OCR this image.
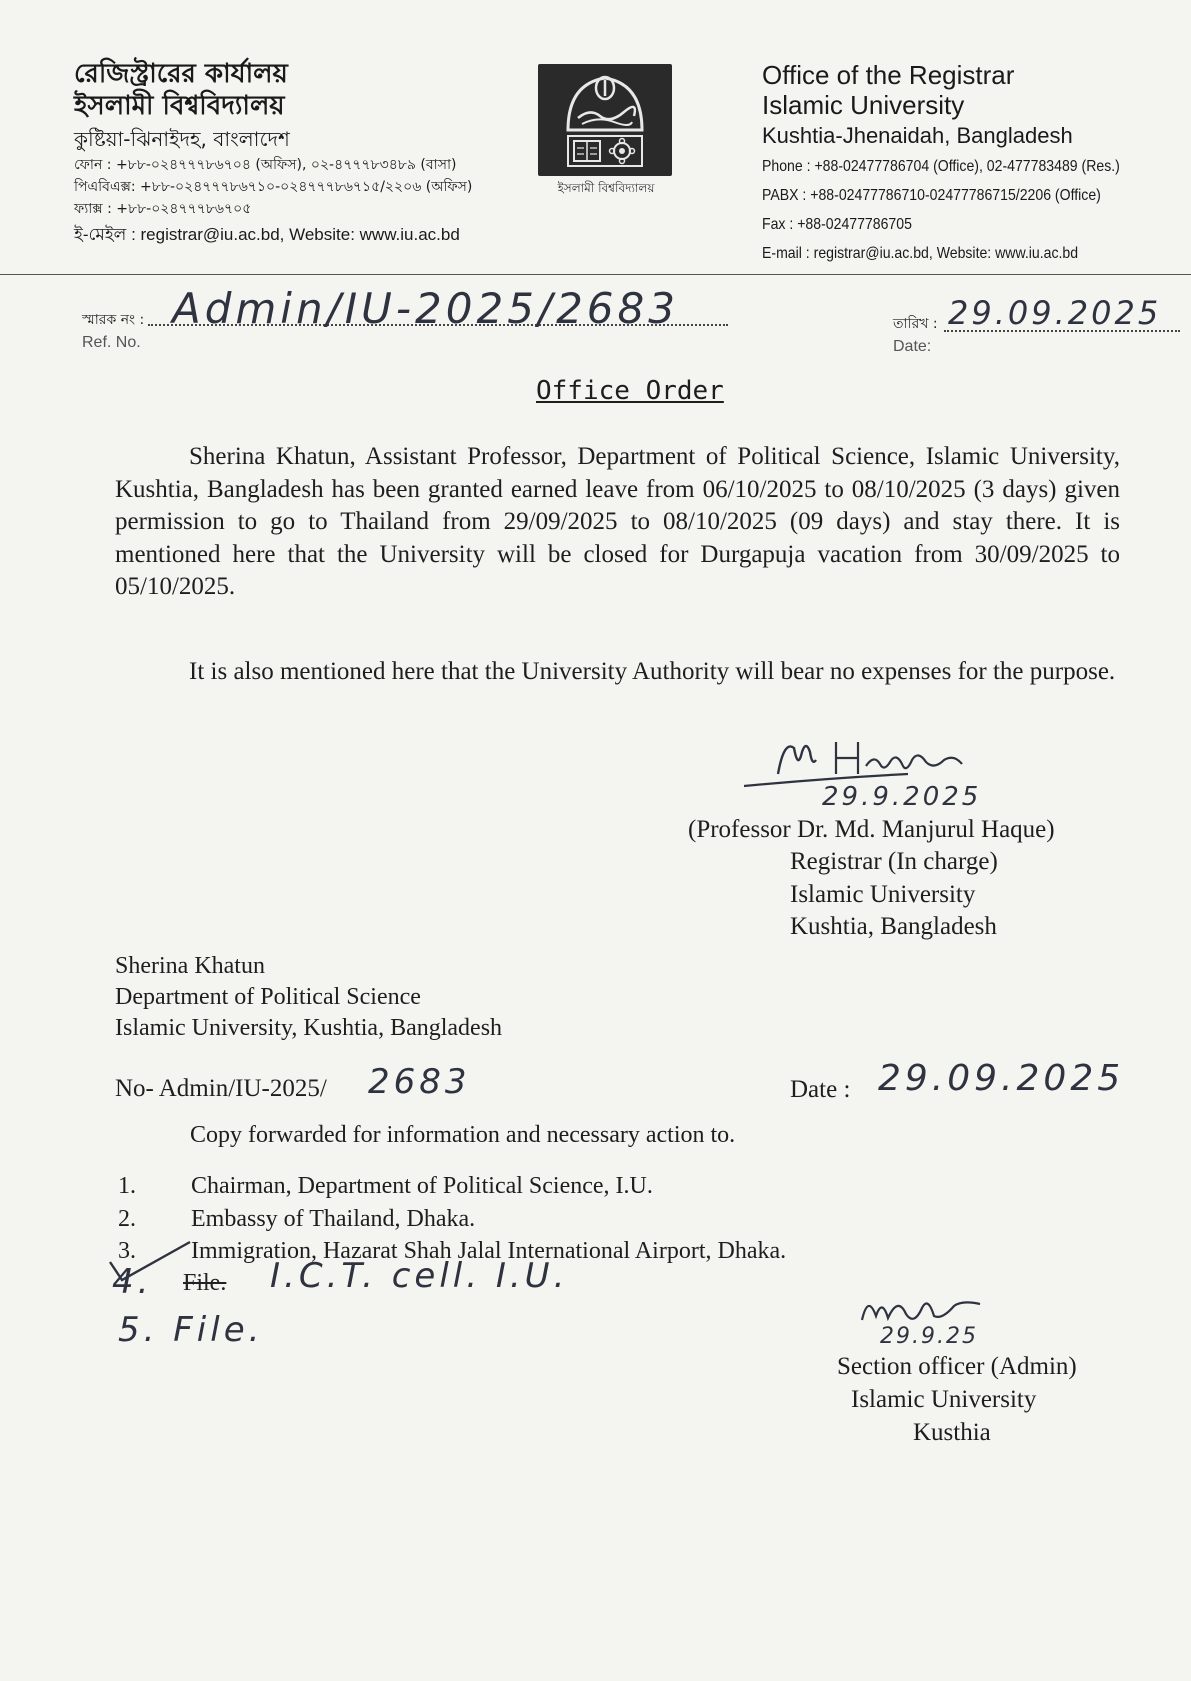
রেজিস্ট্রারের কার্যালয়
ইসলামী বিশ্ববিদ্যালয়
কুষ্টিয়া-ঝিনাইদহ, বাংলাদেশ
ফোন : +৮৮-০২৪৭৭৭৮৬৭০৪ (অফিস), ০২-৪৭৭৭৮৩৪৮৯ (বাসা)
পিএবিএক্স: +৮৮-০২৪৭৭৭৮৬৭১০-০২৪৭৭৭৮৬৭১৫/২২০৬ (অফিস)
ফ্যাক্স : +৮৮-০২৪৭৭৭৮৬৭০৫
ই-মেইল : registrar@iu.ac.bd, Website: www.iu.ac.bd
ইসলামী বিশ্ববিদ্যালয়
Office of the Registrar
Islamic University
Kushtia-Jhenaidah, Bangladesh
Phone : +88-02477786704 (Office), 02-477783489 (Res.)
PABX : +88-02477786710-02477786715/2206 (Office)
Fax : +88-02477786705
E-mail : registrar@iu.ac.bd, Website: www.iu.ac.bd
স্মারক নং :
Ref. No.
Admin/IU-2025/2683	তারিখ :
Date:
29.09.2025
Office Order
Sherina Khatun, Assistant Professor, Department of Political Science, Islamic University, Kushtia, Bangladesh has been granted earned leave from 06/10/2025 to 08/10/2025 (3 days) given permission to go to Thailand from 29/09/2025 to 08/10/2025 (09 days) and stay there. It is mentioned here that the University will be closed for Durgapuja vacation from 30/09/2025 to 05/10/2025.
It is also mentioned here that the University Authority will bear no expenses for the purpose.
29.9.2025
(Professor Dr. Md. Manjurul Haque)
Registrar (In charge)
Islamic University
Kushtia, Bangladesh
Sherina Khatun
Department of Political Science
Islamic University, Kushtia, Bangladesh
No- Admin/IU-2025/ 2683	Date : 29.09.2025
Copy forwarded for information and necessary action to.
1.	Chairman, Department of Political Science, I.U.
2.	Embassy of Thailand, Dhaka.
3.	Immigration, Hazarat Shah Jalal International Airport, Dhaka.
4. File. I.C.T. cell. I.U.
5. File.	29.9.25
Section officer (Admin)
Islamic University
Kusthia
